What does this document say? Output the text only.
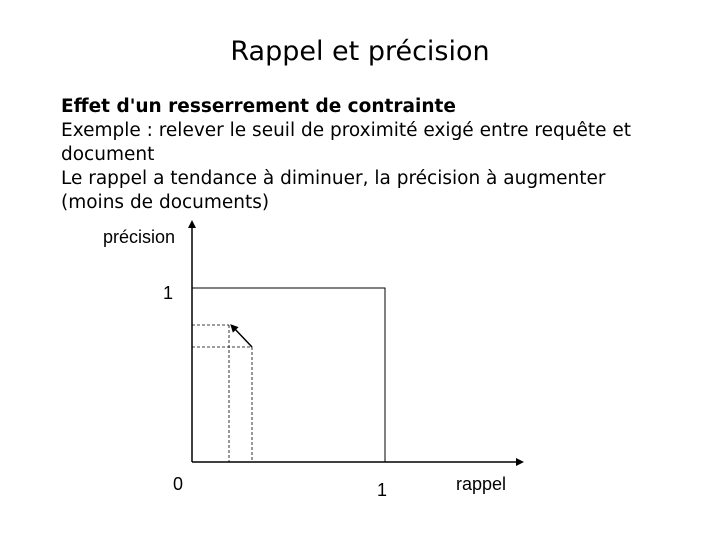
Rappel et précision
Effet d'un resserrement de contrainte
Exemple : relever le seuil de proximité exigé entre requête et
document
Le rappel a tendance à diminuer, la précision à augmenter
(moins de documents)
précision
1
0	1	rappel
